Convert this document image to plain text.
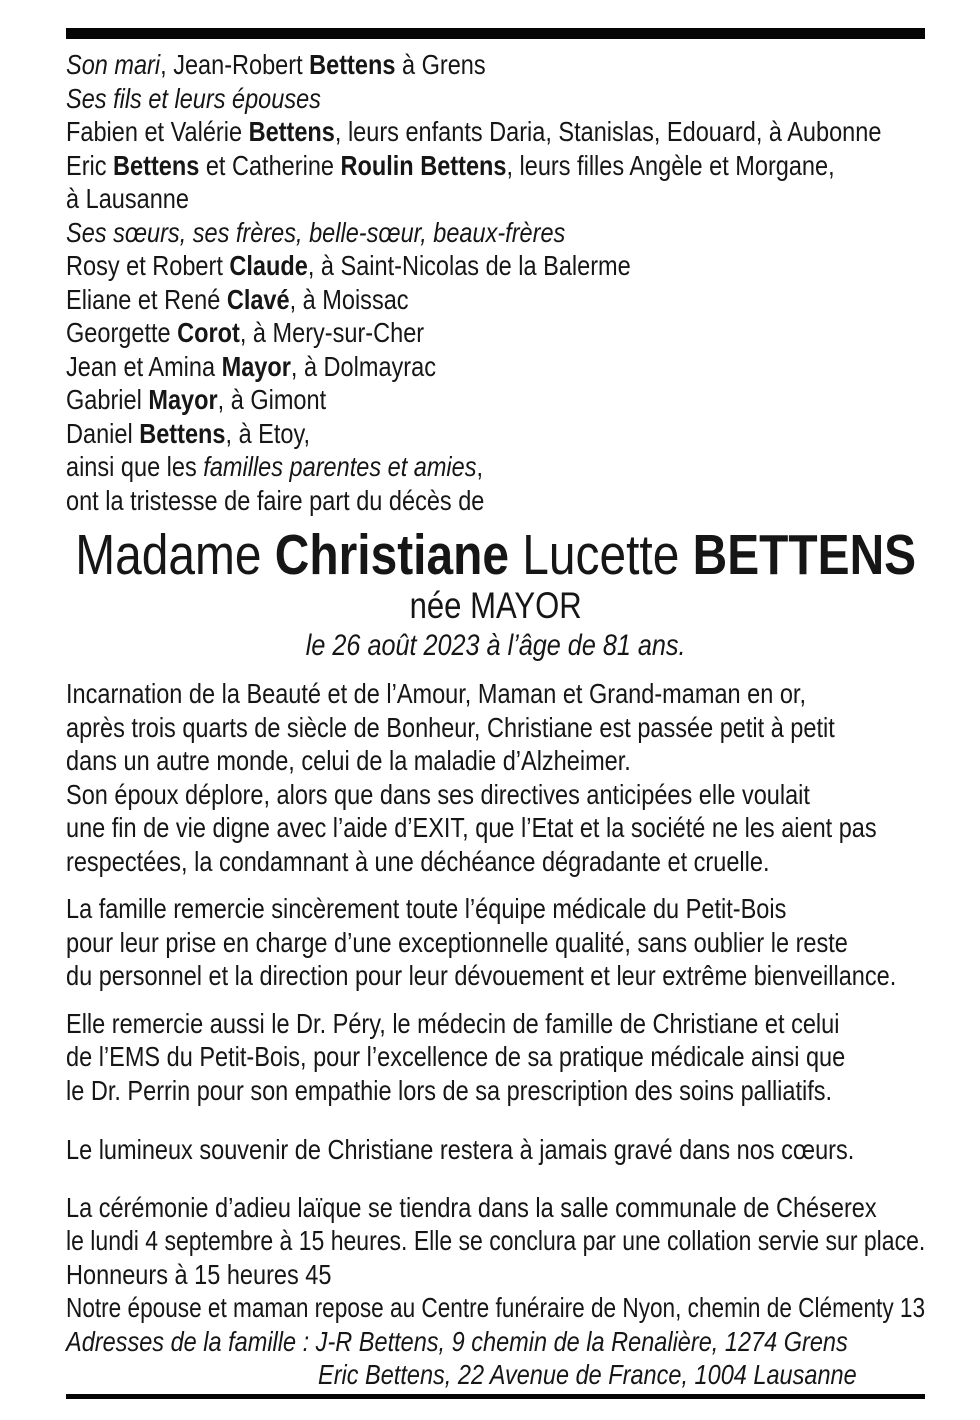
Son mari, Jean-Robert Bettens à Grens
Ses fils et leurs épouses
Fabien et Valérie Bettens, leurs enfants Daria, Stanislas, Edouard, à Aubonne
Eric Bettens et Catherine Roulin Bettens, leurs filles Angèle et Morgane,
à Lausanne
Ses sœurs, ses frères, belle-sœur, beaux-frères
Rosy et Robert Claude, à Saint-Nicolas de la Balerme
Eliane et René Clavé, à Moissac
Georgette Corot, à Mery-sur-Cher
Jean et Amina Mayor, à Dolmayrac
Gabriel Mayor, à Gimont
Daniel Bettens, à Etoy,
ainsi que les familles parentes et amies,
ont la tristesse de faire part du décès de
Madame Christiane Lucette BETTENS
née MAYOR
le 26 août 2023 à l’âge de 81 ans.
Incarnation de la Beauté et de l’Amour, Maman et Grand-maman en or,
après trois quarts de siècle de Bonheur, Christiane est passée petit à petit
dans un autre monde, celui de la maladie d’Alzheimer.
Son époux déplore, alors que dans ses directives anticipées elle voulait
une fin de vie digne avec l’aide d’EXIT, que l’Etat et la société ne les aient pas
respectées, la condamnant à une déchéance dégradante et cruelle.
La famille remercie sincèrement toute l’équipe médicale du Petit-Bois
pour leur prise en charge d’une exceptionnelle qualité, sans oublier le reste
du personnel et la direction pour leur dévouement et leur extrême bienveillance.
Elle remercie aussi le Dr. Péry, le médecin de famille de Christiane et celui
de l’EMS du Petit-Bois, pour l’excellence de sa pratique médicale ainsi que
le Dr. Perrin pour son empathie lors de sa prescription des soins palliatifs.
Le lumineux souvenir de Christiane restera à jamais gravé dans nos cœurs.
La cérémonie d’adieu laïque se tiendra dans la salle communale de Chéserex
le lundi 4 septembre à 15 heures. Elle se conclura par une collation servie sur place.
Honneurs à 15 heures 45
Notre épouse et maman repose au Centre funéraire de Nyon, chemin de Clémenty 13
Adresses de la famille : J-R Bettens, 9 chemin de la Renalière, 1274 Grens
Eric Bettens, 22 Avenue de France, 1004 Lausanne
